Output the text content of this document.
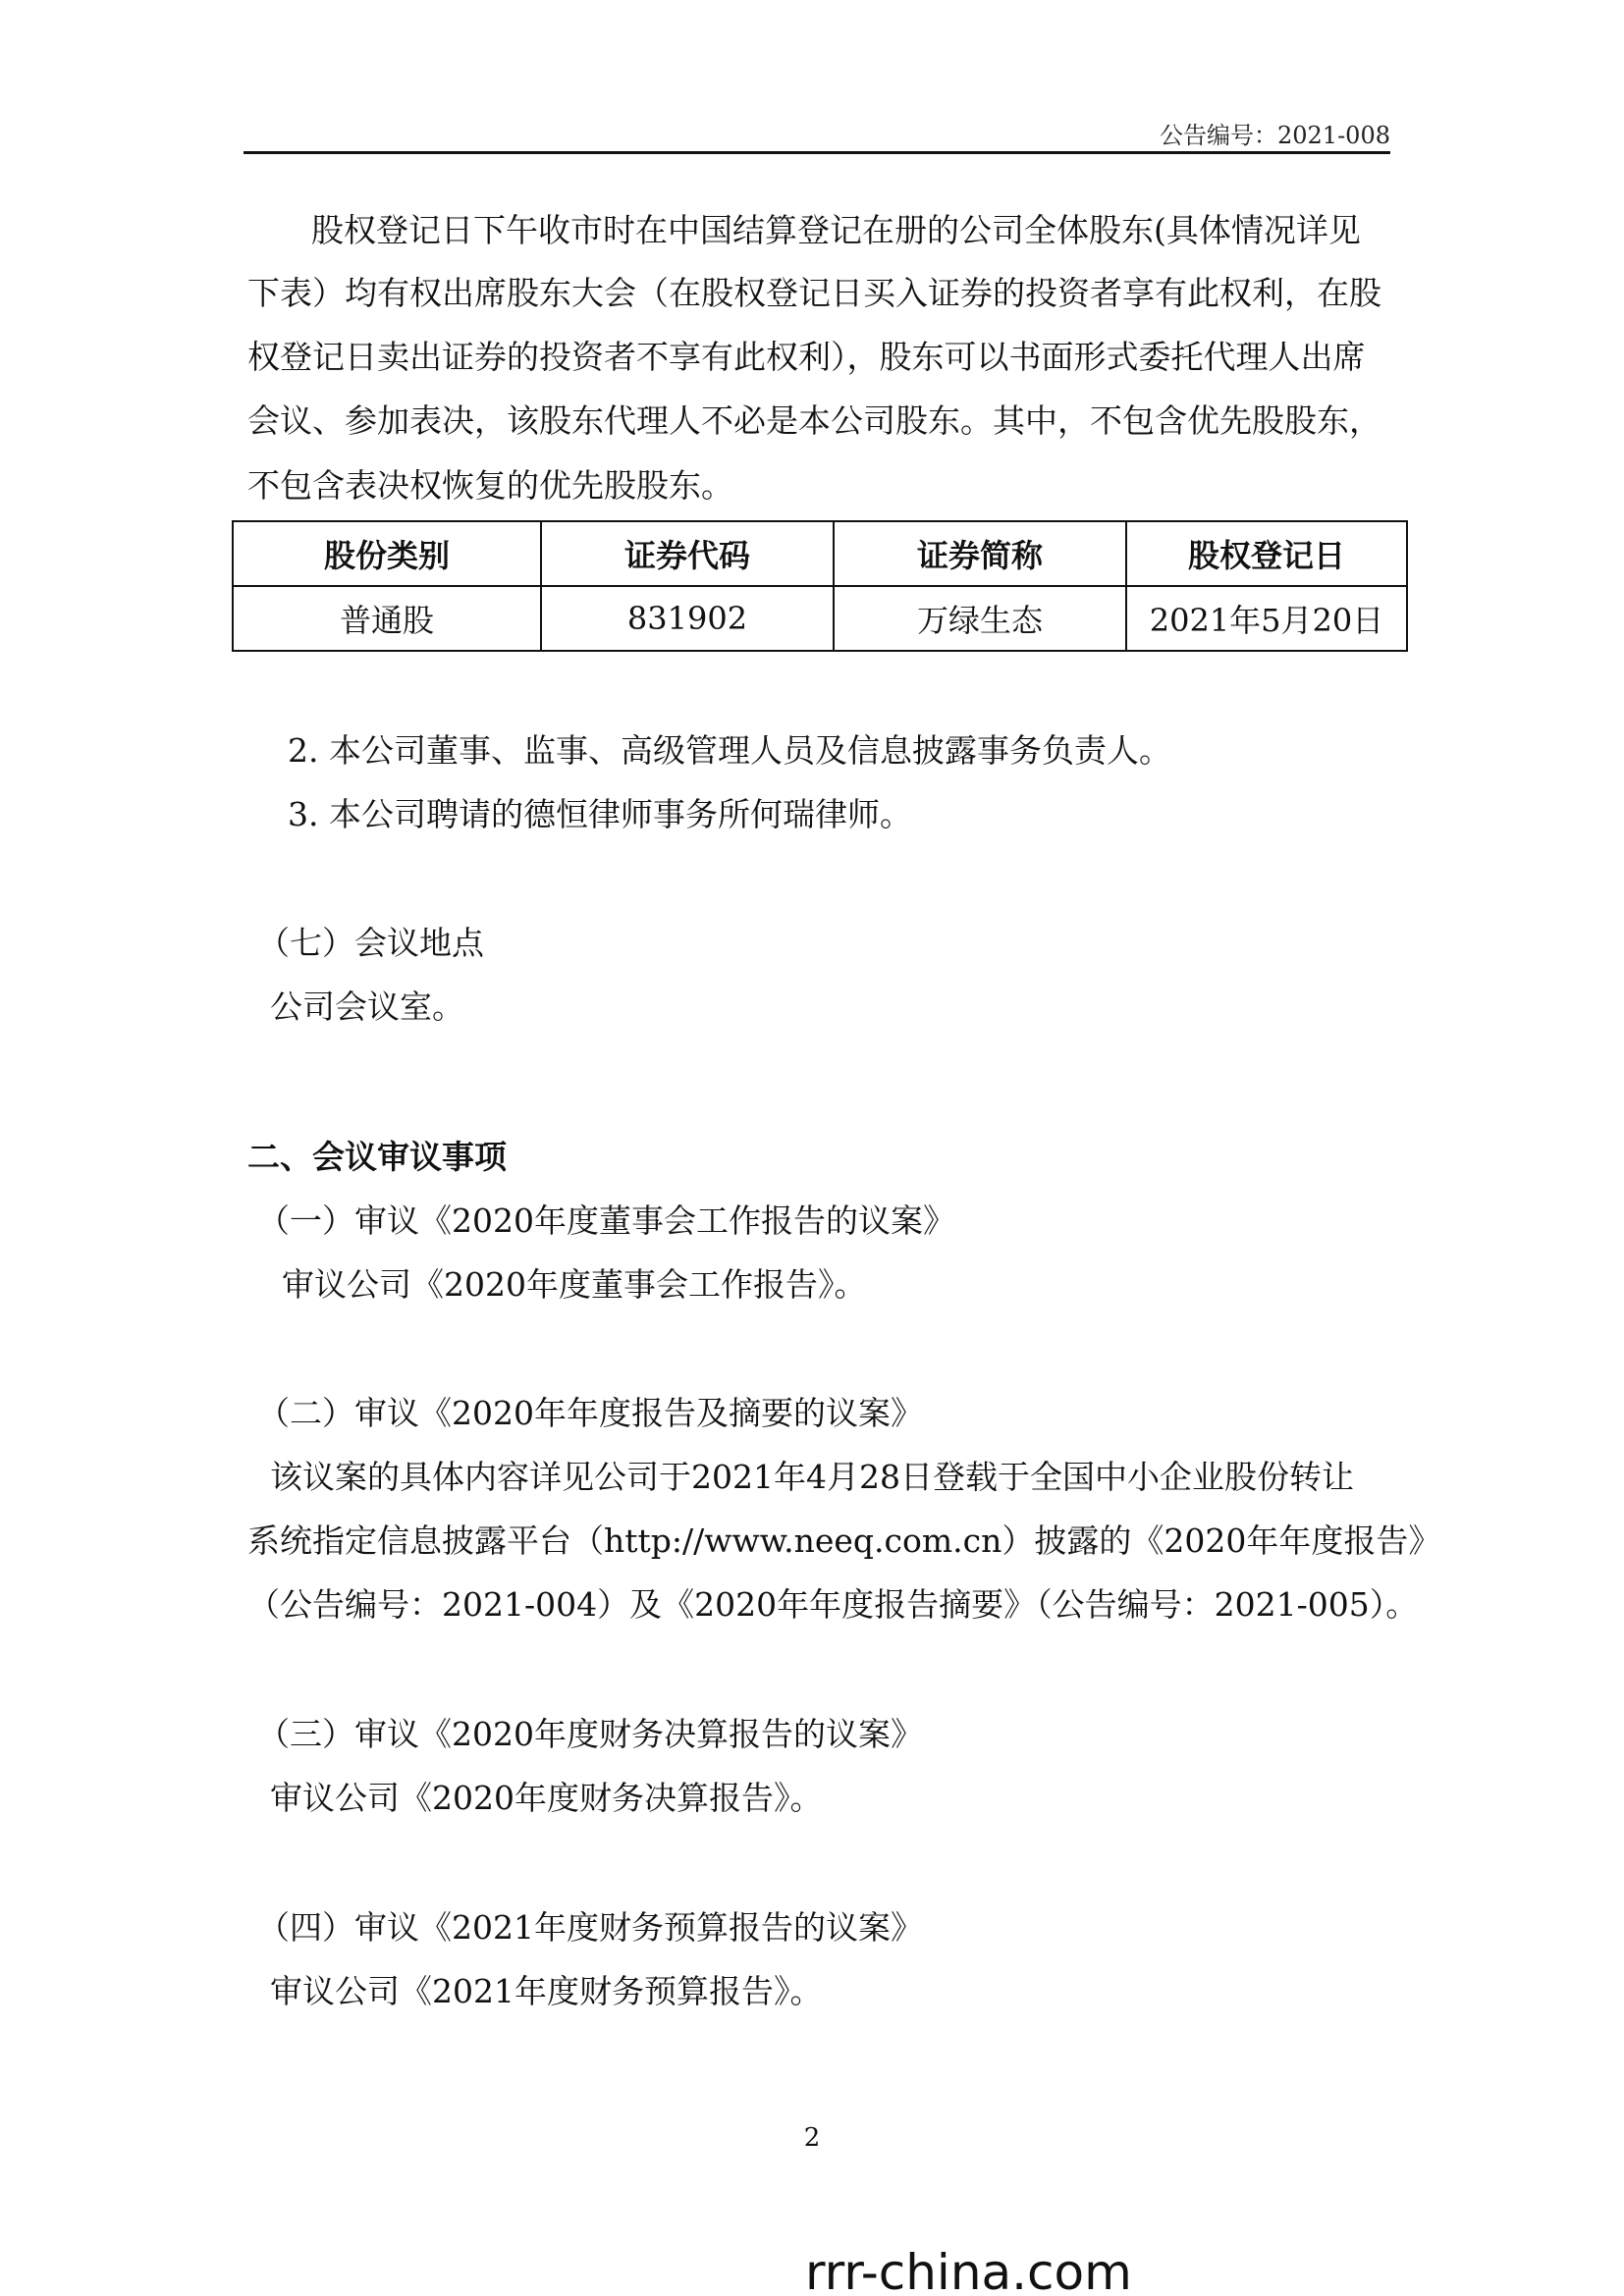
公告编号：2021-008
股权登记日下午收市时在中国结算登记在册的公司全体股东(具体情况详见
下表）均有权出席股东大会（在股权登记日买入证券的投资者享有此权利，在股
权登记日卖出证券的投资者不享有此权利），股东可以书面形式委托代理人出席
会议、参加表决，该股东代理人不必是本公司股东。其中，不包含优先股股东，
不包含表决权恢复的优先股股东。
股份类别	证券代码	证券简称	股权登记日
普通股	831902	万绿生态	2021年5月20日
2. 本公司董事、监事、高级管理人员及信息披露事务负责人。
3. 本公司聘请的德恒律师事务所何瑞律师。
（七）会议地点
公司会议室。
二、会议审议事项
（一）审议《2020年度董事会工作报告的议案》
审议公司《2020年度董事会工作报告》。
（二）审议《2020年年度报告及摘要的议案》
该议案的具体内容详见公司于2021年4月28日登载于全国中小企业股份转让
系统指定信息披露平台（http://www.neeq.com.cn）披露的《2020年年度报告》
（公告编号：2021-004）及《2020年年度报告摘要》（公告编号：2021-005）。
（三）审议《2020年度财务决算报告的议案》
审议公司《2020年度财务决算报告》。
（四）审议《2021年度财务预算报告的议案》
审议公司《2021年度财务预算报告》。
2
rrr-china.com
